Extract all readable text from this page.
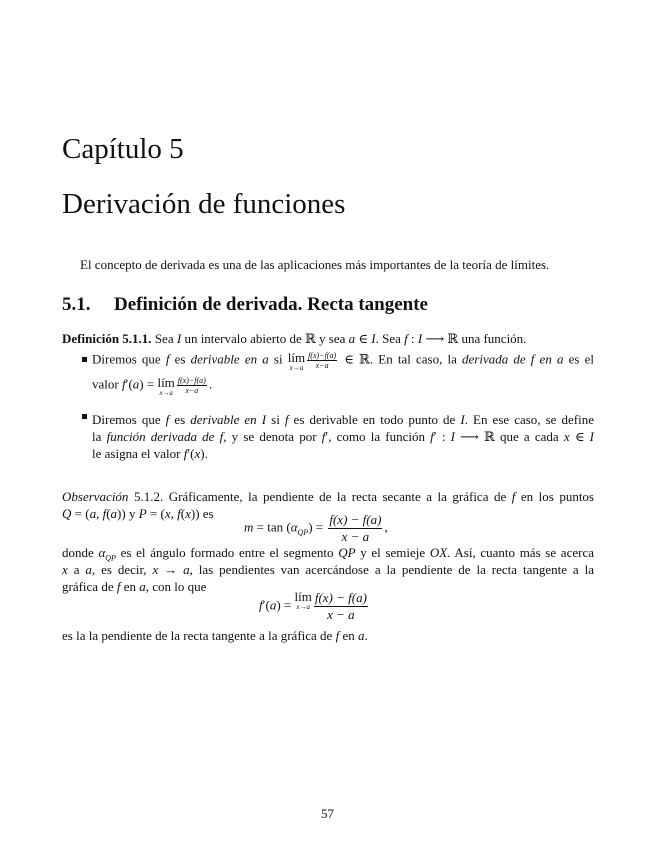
Capítulo 5
Derivación de funciones
El concepto de derivada es una de las aplicaciones más importantes de la teoría de límites.
5.1. Definición de derivada. Recta tangente
Definición 5.1.1. Sea I un intervalo abierto de ℝ y sea a ∈ I. Sea f : I ⟶ ℝ una función.
Diremos que f es derivable en a si lím
$x\to a \frac{f(x)-f(a)}{x-a}$ ∈ ℝ. En tal caso, la derivada de f en a es el
valor f′(a) = lím
$x\to a \frac{f(x)-f(a)}{x-a}$ .
Diremos que f es derivable en I si f es derivable en todo punto de I. En ese caso, se define
la función derivada de f, y se denota por f′, como la función f′ : I ⟶ ℝ que a cada x ∈ I
le asigna el valor f′(x).
Observación 5.1.2. Gráficamente, la pendiente de la recta secante a la gráfica de f en los puntos
Q = (a, f(a)) y P = (x, f(x)) es
$m = \tan (\alpha_{QP}) = \frac{f(x) - f(a)}{x - a}$ ,
donde $\alpha_{QP}$ es el ángulo formado entre el segmento QP y el semieje OX. Así, cuanto más se acerca
x a a, es decir, x → a, las pendientes van acercándose a la pendiente de la recta tangente a la
gráfica de f en a, con lo que
f′(a) =
lím
$x\to a \frac{f(x) - f(a)}{x - a}$
es la la pendiente de la recta tangente a la gráfica de f en a.
57
